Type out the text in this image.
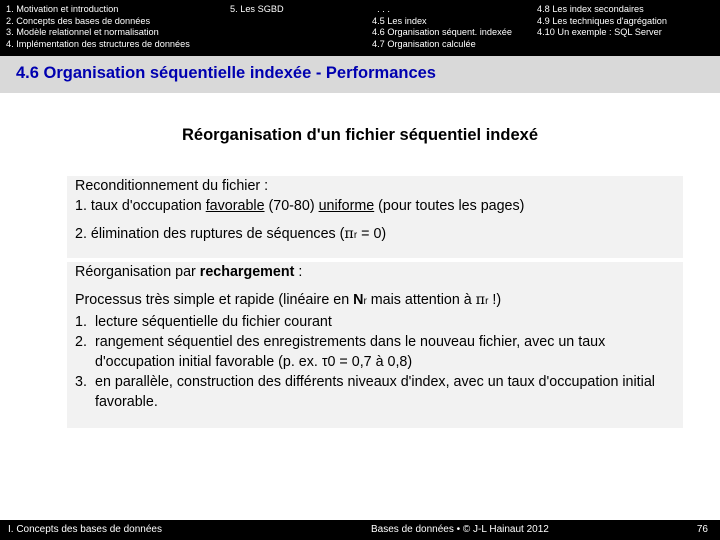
1. Motivation et introduction
2. Concepts des bases de données
3. Modèle relationnel et normalisation
4. Implémentation des structures de données
5. Les SGBD	. . .
4.5 Les index
4.6 Organisation séquent. indexée
4.7 Organisation calculée
4.8 Les index secondaires
4.9 Les techniques d'agrégation
4.10 Un exemple : SQL Server
4.6 Organisation séquentielle indexée - Performances
Réorganisation d'un fichier séquentiel indexé

Reconditionnement du fichier :

1. taux d'occupation favorable (70-80) uniforme (pour toutes les pages)

2. élimination des ruptures de séquences (πr = 0)

Réorganisation par rechargement :

Processus très simple et rapide (linéaire en Nr mais attention à πr !)

1. lecture séquentielle du fichier courant
2. rangement séquentiel des enregistrements dans le nouveau fichier, avec un taux d'occupation initial favorable (p. ex. τ0 = 0,7 à 0,8)
3. en parallèle, construction des différents niveaux d'index, avec un taux d'occupation initial favorable.
I. Concepts des bases de données	Bases de données • © J-L Hainaut 2012	76
